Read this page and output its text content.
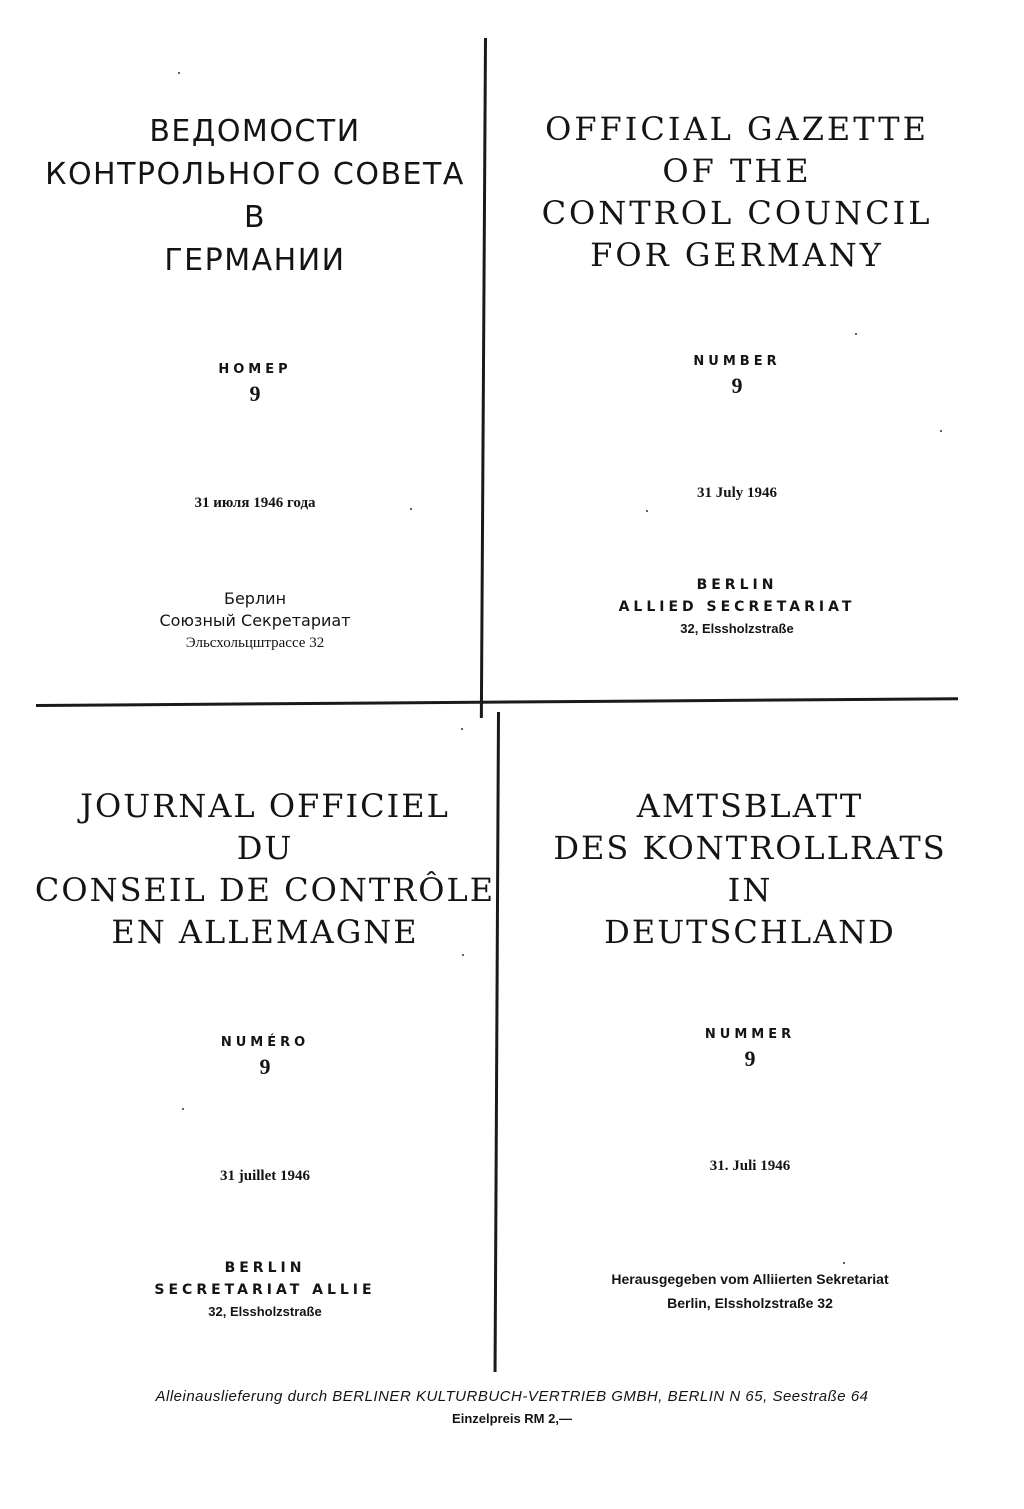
ВЕДОМОСТИ
КОНТРОЛЬНОГО СОВЕТА
В
ГЕРМАНИИ
НОМЕР
9
31 июля 1946 года
Берлин
Союзный Секретариат
Эльсхольцштрассе 32
OFFICIAL GAZETTE
OF THE
CONTROL COUNCIL
FOR GERMANY
NUMBER
9
31 July 1946
BERLIN
ALLIED SECRETARIAT
32, Elssholzstraße
JOURNAL OFFICIEL
DU
CONSEIL DE CONTRÔLE
EN ALLEMAGNE
NUMÉRO
9
31 juillet 1946
BERLIN
SECRETARIAT ALLIE
32, Elssholzstraße
AMTSBLATT
DES KONTROLLRATS
IN
DEUTSCHLAND
NUMMER
9
31. Juli 1946
Herausgegeben vom Alliierten Sekretariat
Berlin, Elssholzstraße 32
Alleinauslieferung durch BERLINER KULTURBUCH-VERTRIEB GMBH, BERLIN N 65, Seestraße 64
Einzelpreis RM 2,—
